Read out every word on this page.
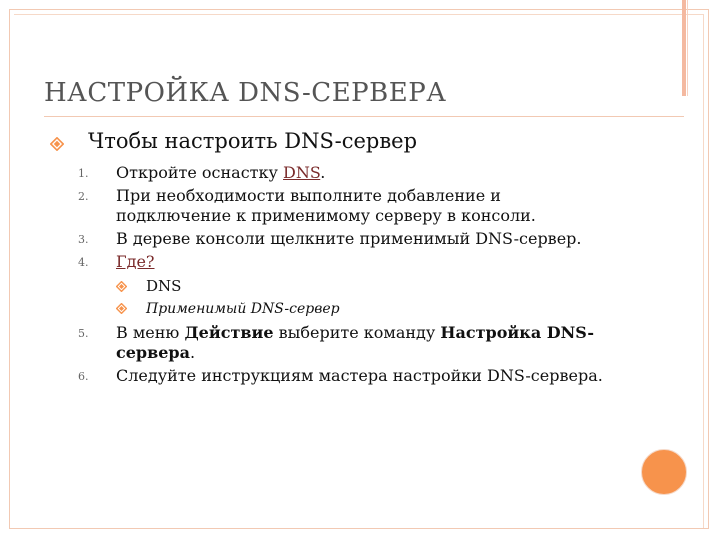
НАСТРОЙКА DNS-СЕРВЕРА
Чтобы настроить DNS-сервер
1. Откройте оснастку DNS.
2. При необходимости выполните добавление и подключение к применимому серверу в консоли.
3. В дереве консоли щелкните применимый DNS-сервер.
4. Где?
DNS
Применимый DNS-сервер
5. В меню Действие выберите команду Настройка DNS-сервера.
6. Следуйте инструкциям мастера настройки DNS-сервера.
